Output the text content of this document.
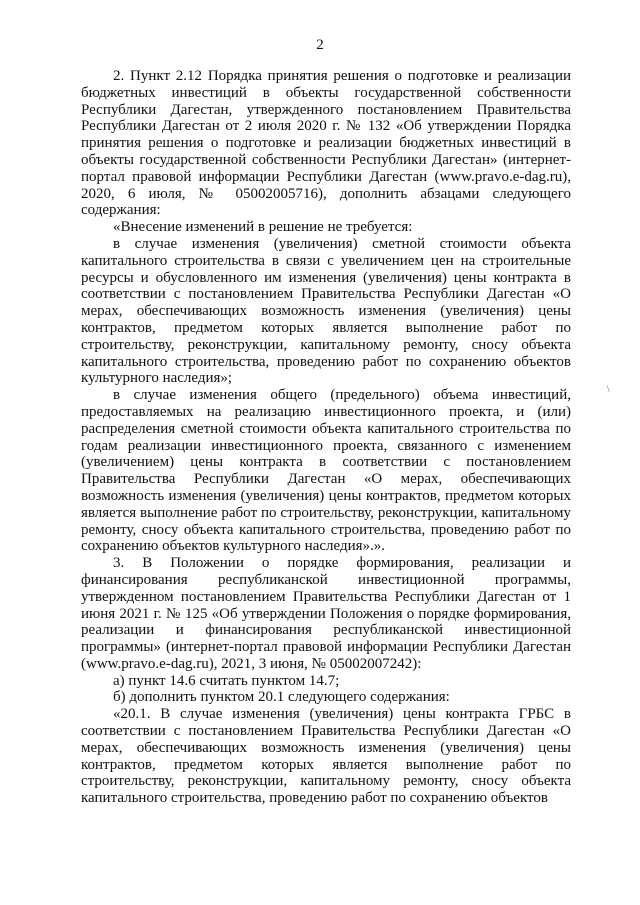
2

2. Пункт 2.12 Порядка принятия решения о подготовке и реализации бюджетных инвестиций в объекты государственной собственности Республики Дагестан, утвержденного постановлением Правительства Республики Дагестан от 2 июля 2020 г. № 132 «Об утверждении Порядка принятия решения о подготовке и реализации бюджетных инвестиций в объекты государственной собственности Республики Дагестан» (интернет-портал правовой информации Республики Дагестан (www.pravo.e-dag.ru), 2020, 6 июля, № 05002005716), дополнить абзацами следующего содержания:

«Внесение изменений в решение не требуется:

в случае изменения (увеличения) сметной стоимости объекта капитального строительства в связи с увеличением цен на строительные ресурсы и обусловленного им изменения (увеличения) цены контракта в соответствии с постановлением Правительства Республики Дагестан «О мерах, обеспечивающих возможность изменения (увеличения) цены контрактов, предметом которых является выполнение работ по строительству, реконструкции, капитальному ремонту, сносу объекта капитального строительства, проведению работ по сохранению объектов культурного наследия»;

в случае изменения общего (предельного) объема инвестиций, предоставляемых на реализацию инвестиционного проекта, и (или) распределения сметной стоимости объекта капитального строительства по годам реализации инвестиционного проекта, связанного с изменением (увеличением) цены контракта в соответствии с постановлением Правительства Республики Дагестан «О мерах, обеспечивающих возможность изменения (увеличения) цены контрактов, предметом которых является выполнение работ по строительству, реконструкции, капитальному ремонту, сносу объекта капитального строительства, проведению работ по сохранению объектов культурного наследия».».

3. В Положении о порядке формирования, реализации и финансирования республиканской инвестиционной программы, утвержденном постановлением Правительства Республики Дагестан от 1 июня 2021 г. № 125 «Об утверждении Положения о порядке формирования, реализации и финансирования республиканской инвестиционной программы» (интернет-портал правовой информации Республики Дагестан (www.pravo.e-dag.ru), 2021, 3 июня, № 05002007242):

а) пункт 14.6 считать пунктом 14.7;

б) дополнить пунктом 20.1 следующего содержания:

«20.1. В случае изменения (увеличения) цены контракта ГРБС в соответствии с постановлением Правительства Республики Дагестан «О мерах, обеспечивающих возможность изменения (увеличения) цены контрактов, предметом которых является выполнение работ по строительству, реконструкции, капитальному ремонту, сносу объекта капитального строительства, проведению работ по сохранению объектов

\
